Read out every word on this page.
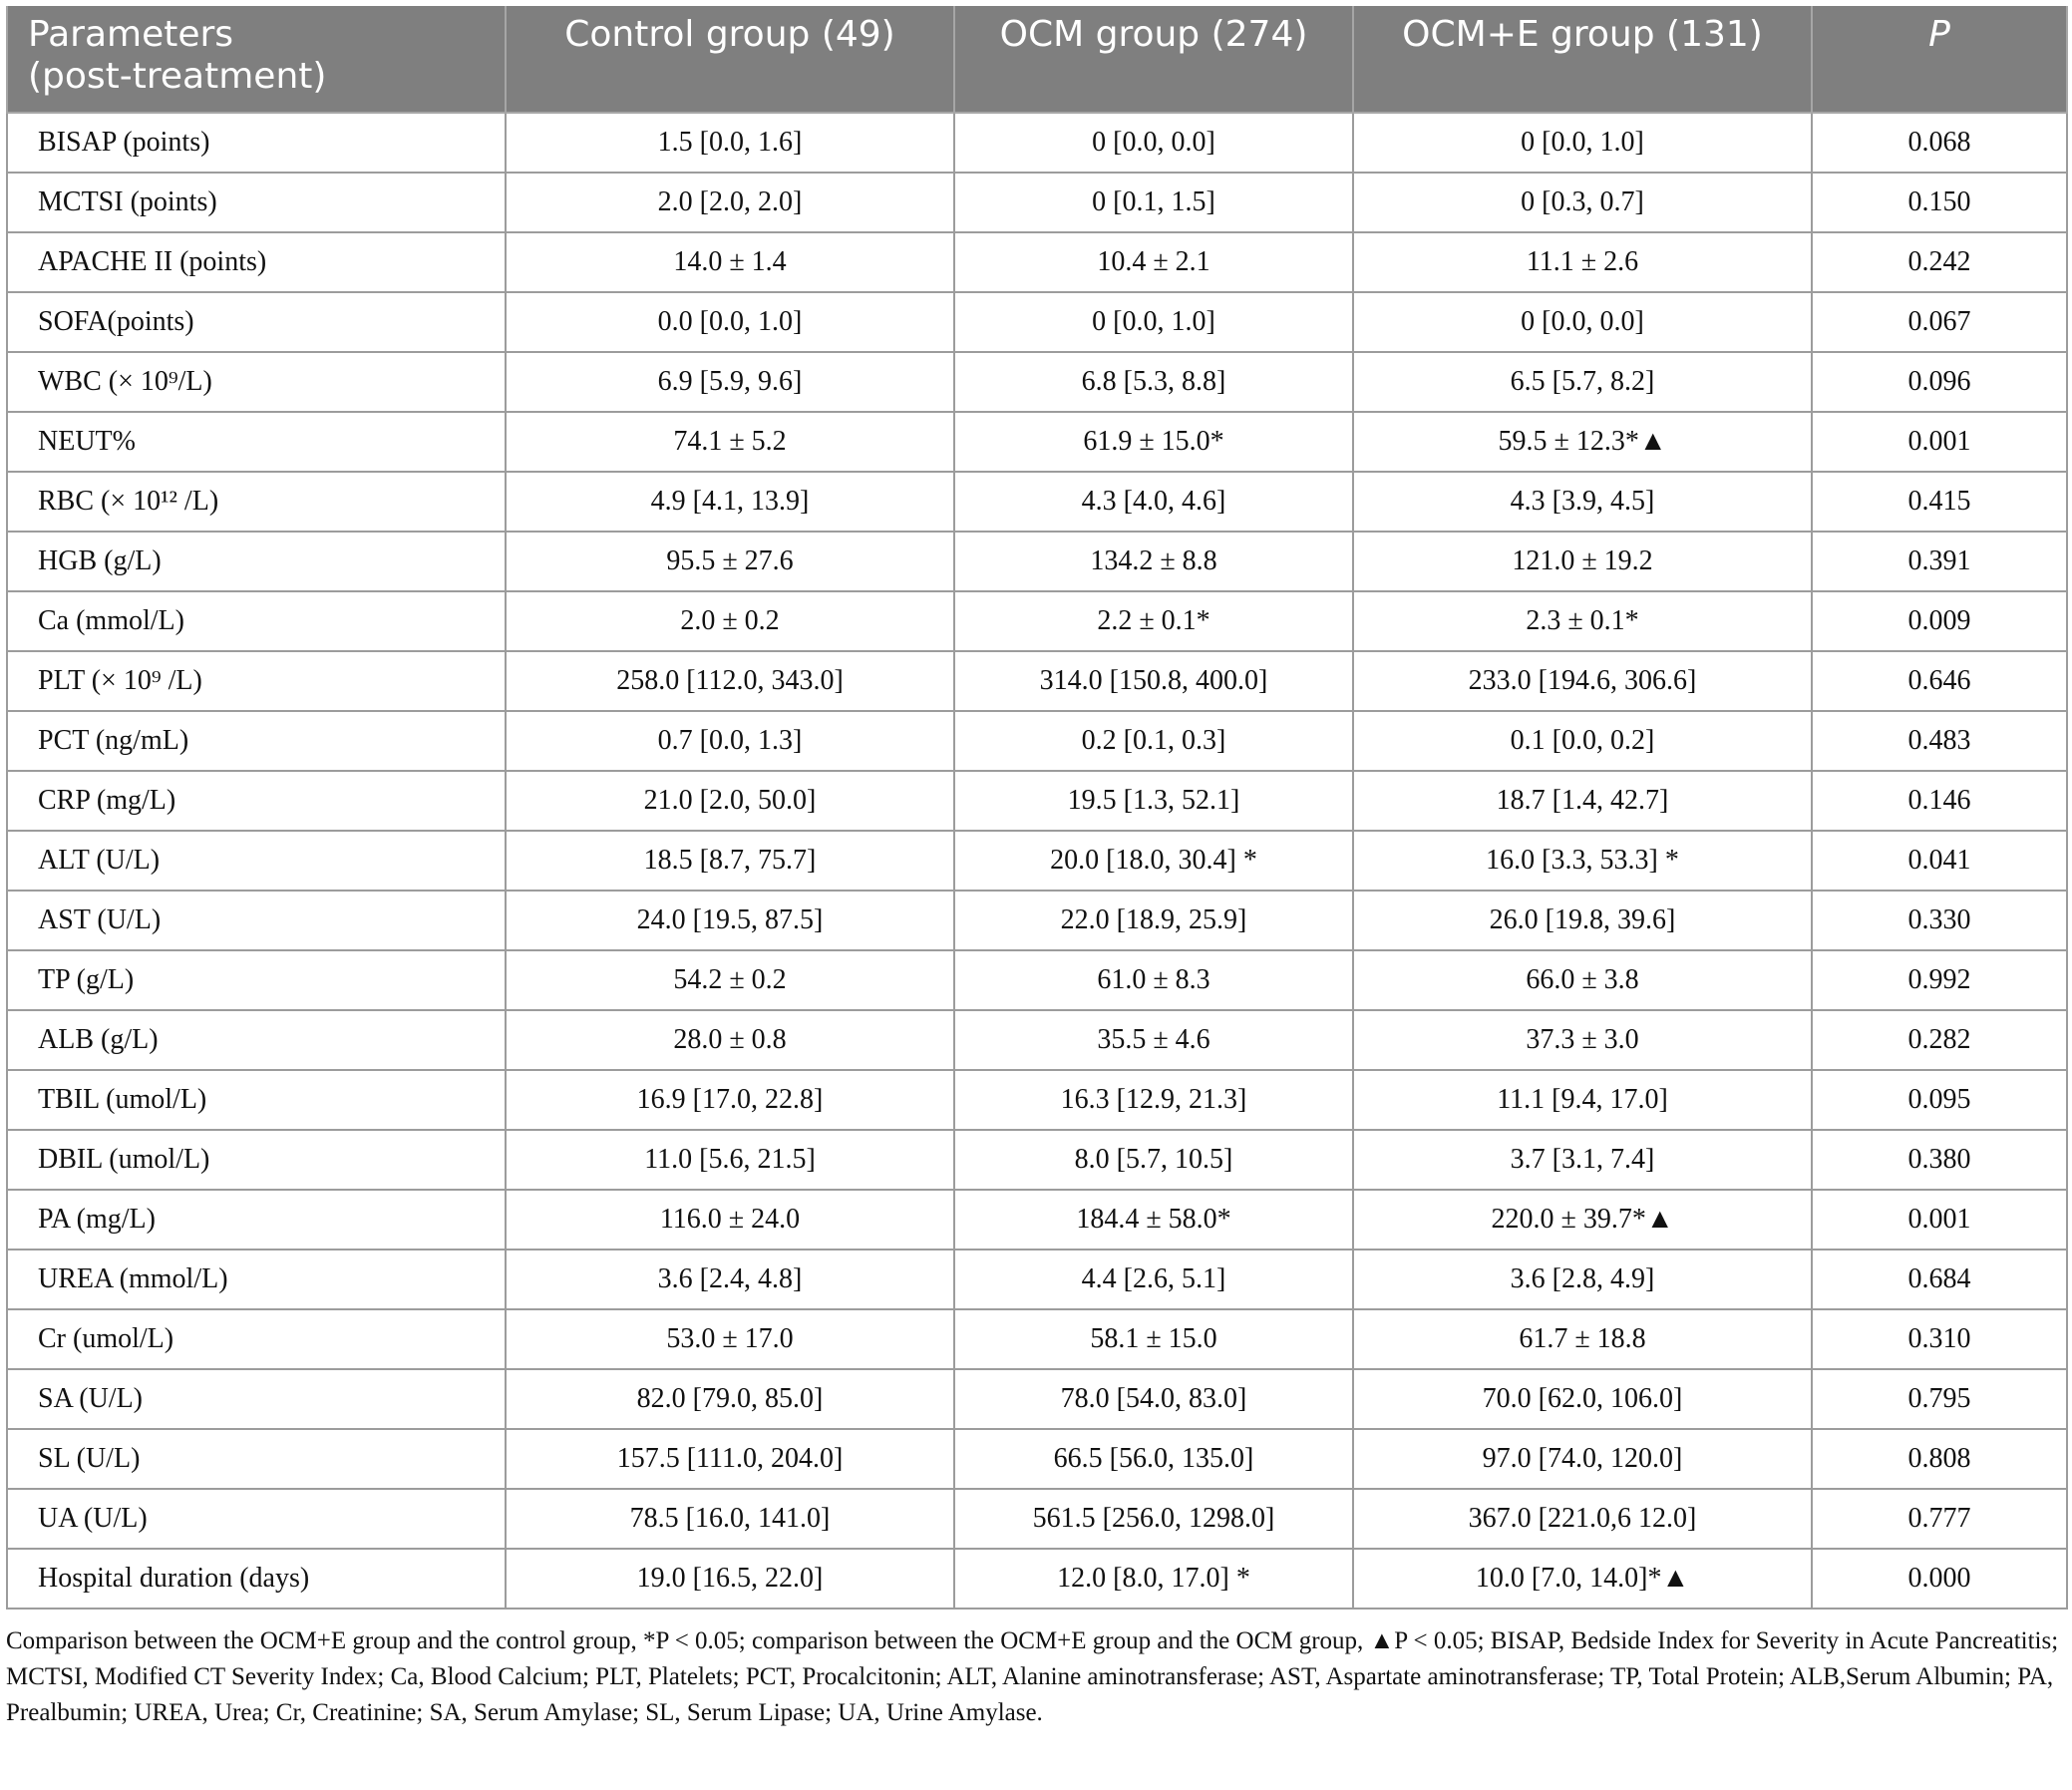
Parameters
(post-treatment)	Control group (49)	OCM group (274)	OCM+E group (131)	P
BISAP (points)	1.5 [0.0, 1.6]	0 [0.0, 0.0]	0 [0.0, 1.0]	0.068
MCTSI (points)	2.0 [2.0, 2.0]	0 [0.1, 1.5]	0 [0.3, 0.7]	0.150
APACHE II (points)	14.0 ± 1.4	10.4 ± 2.1	11.1 ± 2.6	0.242
SOFA(points)	0.0 [0.0, 1.0]	0 [0.0, 1.0]	0 [0.0, 0.0]	0.067
WBC (× 10⁹/L)	6.9 [5.9, 9.6]	6.8 [5.3, 8.8]	6.5 [5.7, 8.2]	0.096
NEUT%	74.1 ± 5.2	61.9 ± 15.0*	59.5 ± 12.3*▲	0.001
RBC (× 10¹² /L)	4.9 [4.1, 13.9]	4.3 [4.0, 4.6]	4.3 [3.9, 4.5]	0.415
HGB (g/L)	95.5 ± 27.6	134.2 ± 8.8	121.0 ± 19.2	0.391
Ca (mmol/L)	2.0 ± 0.2	2.2 ± 0.1*	2.3 ± 0.1*	0.009
PLT (× 10⁹ /L)	258.0 [112.0, 343.0]	314.0 [150.8, 400.0]	233.0 [194.6, 306.6]	0.646
PCT (ng/mL)	0.7 [0.0, 1.3]	0.2 [0.1, 0.3]	0.1 [0.0, 0.2]	0.483
CRP (mg/L)	21.0 [2.0, 50.0]	19.5 [1.3, 52.1]	18.7 [1.4, 42.7]	0.146
ALT (U/L)	18.5 [8.7, 75.7]	20.0 [18.0, 30.4] *	16.0 [3.3, 53.3] *	0.041
AST (U/L)	24.0 [19.5, 87.5]	22.0 [18.9, 25.9]	26.0 [19.8, 39.6]	0.330
TP (g/L)	54.2 ± 0.2	61.0 ± 8.3	66.0 ± 3.8	0.992
ALB (g/L)	28.0 ± 0.8	35.5 ± 4.6	37.3 ± 3.0	0.282
TBIL (umol/L)	16.9 [17.0, 22.8]	16.3 [12.9, 21.3]	11.1 [9.4, 17.0]	0.095
DBIL (umol/L)	11.0 [5.6, 21.5]	8.0 [5.7, 10.5]	3.7 [3.1, 7.4]	0.380
PA (mg/L)	116.0 ± 24.0	184.4 ± 58.0*	220.0 ± 39.7*▲	0.001
UREA (mmol/L)	3.6 [2.4, 4.8]	4.4 [2.6, 5.1]	3.6 [2.8, 4.9]	0.684
Cr (umol/L)	53.0 ± 17.0	58.1 ± 15.0	61.7 ± 18.8	0.310
SA (U/L)	82.0 [79.0, 85.0]	78.0 [54.0, 83.0]	70.0 [62.0, 106.0]	0.795
SL (U/L)	157.5 [111.0, 204.0]	66.5 [56.0, 135.0]	97.0 [74.0, 120.0]	0.808
UA (U/L)	78.5 [16.0, 141.0]	561.5 [256.0, 1298.0]	367.0 [221.0,6 12.0]	0.777
Hospital duration (days)	19.0 [16.5, 22.0]	12.0 [8.0, 17.0] *	10.0 [7.0, 14.0]*▲	0.000
Comparison between the OCM+E group and the control group, *P < 0.05; comparison between the OCM+E group and the OCM group, ▲P < 0.05; BISAP, Bedside Index for Severity in Acute Pancreatitis; MCTSI, Modified CT Severity Index; Ca, Blood Calcium; PLT, Platelets; PCT, Procalcitonin; ALT, Alanine aminotransferase; AST, Aspartate aminotransferase; TP, Total Protein; ALB,Serum Albumin; PA, Prealbumin; UREA, Urea; Cr, Creatinine; SA, Serum Amylase; SL, Serum Lipase; UA, Urine Amylase.
